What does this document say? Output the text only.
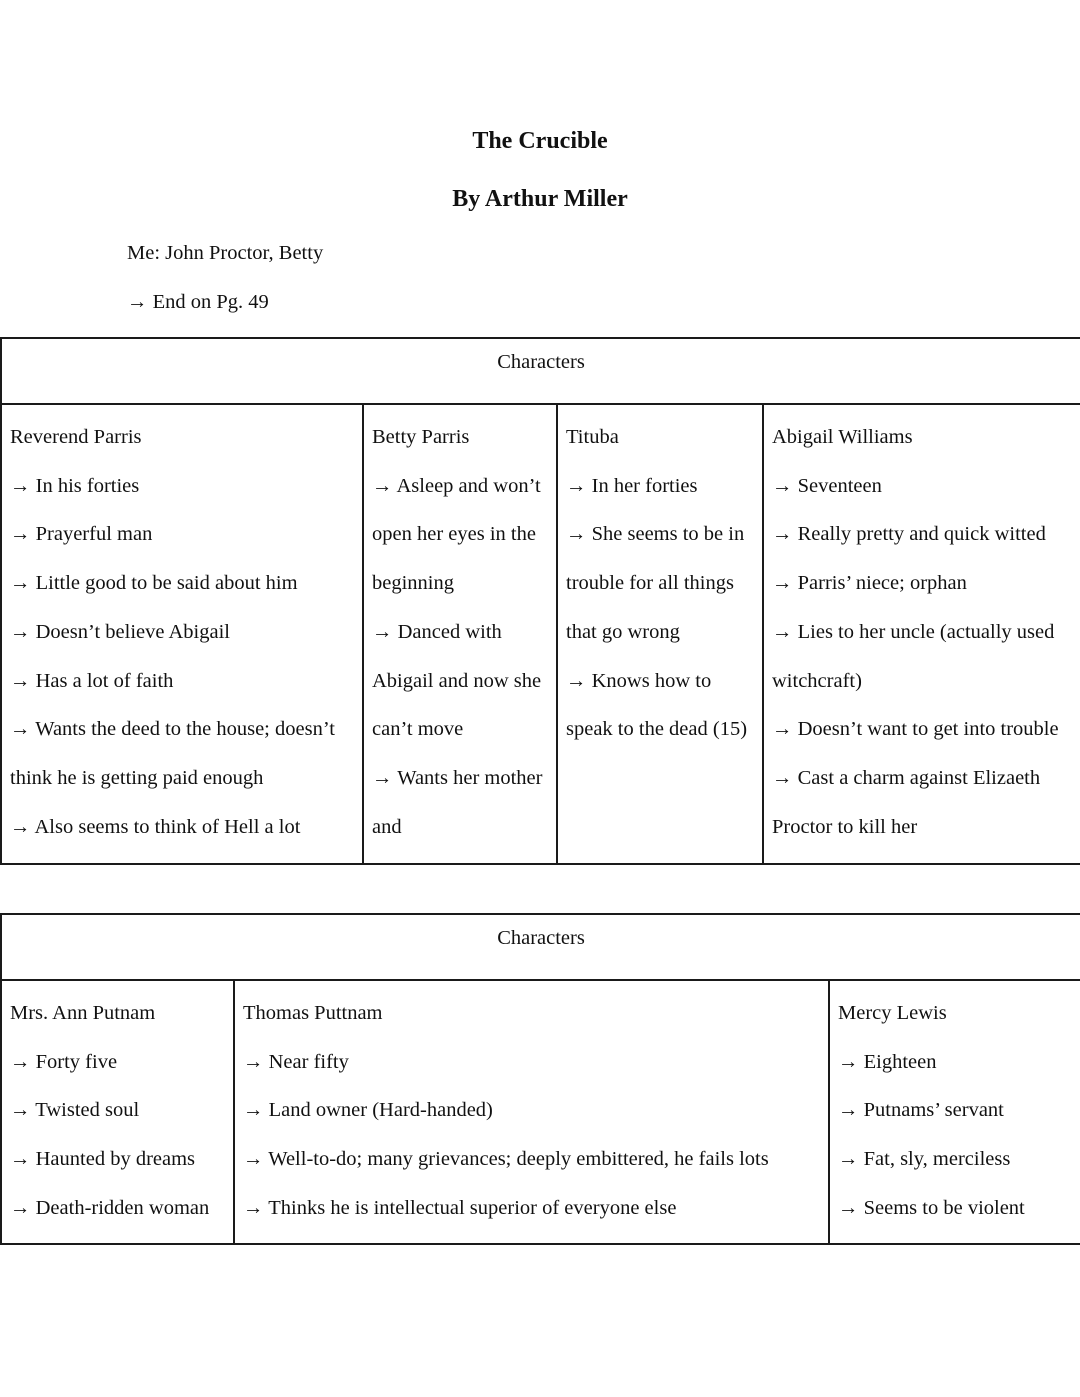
The Crucible
By Arthur Miller
Me: John Proctor, Betty
→ End on Pg. 49
Characters

Reverend Parris
→ In his forties
→ Prayerful man
→ Little good to be said about him
→ Doesn’t believe Abigail
→ Has a lot of faith
→ Wants the deed to the house; doesn’t think he is getting paid enough
→ Also seems to think of Hell a lot

Betty Parris
→ Asleep and won’t open her eyes in the beginning
→ Danced with Abigail and now she can’t move
→ Wants her mother and

Tituba
→ In her forties
→ She seems to be in trouble for all things that go wrong
→ Knows how to speak to the dead (15)

Abigail Williams
→ Seventeen
→ Really pretty and quick witted
→ Parris’ niece; orphan
→ Lies to her uncle (actually used witchcraft)
→ Doesn’t want to get into trouble
→ Cast a charm against Elizaeth Proctor to kill her
Characters

Mrs. Ann Putnam
→ Forty five
→ Twisted soul
→ Haunted by dreams
→ Death-ridden woman

Thomas Puttnam
→ Near fifty
→ Land owner (Hard-handed)
→ Well-to-do; many grievances; deeply embittered, he fails lots
→ Thinks he is intellectual superior of everyone else

Mercy Lewis
→ Eighteen
→ Putnams’ servant
→ Fat, sly, merciless
→ Seems to be violent
